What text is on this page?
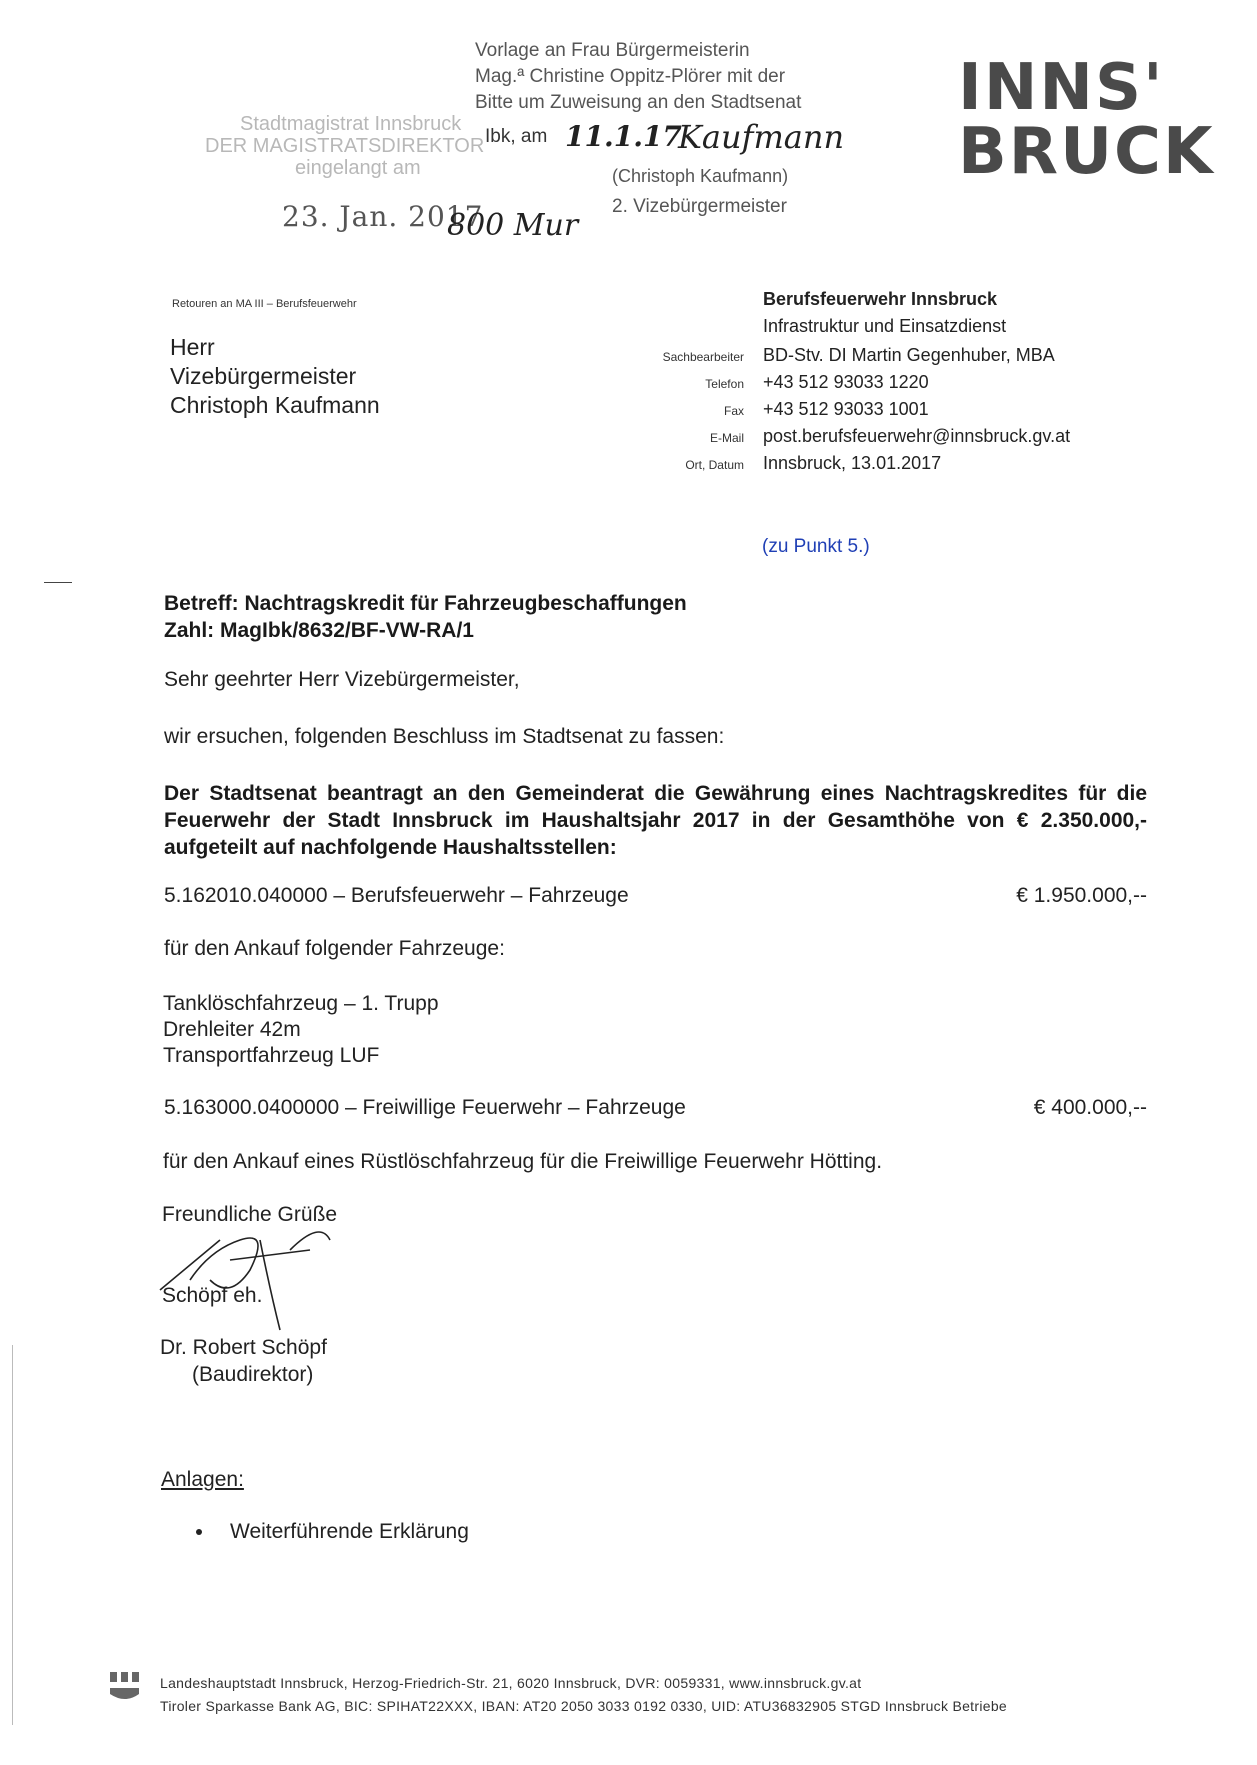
Stadtmagistrat Innsbruck
DER MAGISTRATSDIREKTOR
eingelangt am
23. Jan. 2017
800 Mur
Vorlage an Frau Bürgermeisterin
Mag.ª Christine Oppitz-Plörer mit der
Bitte um Zuweisung an den Stadtsenat
Ibk, am 11.1.17
Kaufmann
(Christoph Kaufmann)
2. Vizebürgermeister
INNS'
BRUCK
Retouren an MA III – Berufsfeuerwehr
Herr
Vizebürgermeister
Christoph Kaufmann
Berufsfeuerwehr Innsbruck
Infrastruktur und Einsatzdienst
Sachbearbeiter
Telefon
Fax
E-Mail
Ort, Datum
BD-Stv. DI Martin Gegenhuber, MBA
+43 512 93033 1220
+43 512 93033 1001
post.berufsfeuerwehr@innsbruck.gv.at
Innsbruck, 13.01.2017
(zu Punkt 5.)
Betreff: Nachtragskredit für Fahrzeugbeschaffungen
Zahl: MagIbk/8632/BF-VW-RA/1
Sehr geehrter Herr Vizebürgermeister,
wir ersuchen, folgenden Beschluss im Stadtsenat zu fassen:
Der Stadtsenat beantragt an den Gemeinderat die Gewährung eines Nachtragskredites für die Feuerwehr der Stadt Innsbruck im Haushaltsjahr 2017 in der Gesamthöhe von € 2.350.000,- aufgeteilt auf nachfolgende Haushaltsstellen:
5.162010.040000 – Berufsfeuerwehr – Fahrzeuge	€ 1.950.000,--
für den Ankauf folgender Fahrzeuge:
Tanklöschfahrzeug – 1. Trupp
Drehleiter 42m
Transportfahrzeug LUF
5.163000.0400000 – Freiwillige Feuerwehr – Fahrzeuge	€ 400.000,--
für den Ankauf eines Rüstlöschfahrzeug für die Freiwillige Feuerwehr Hötting.
Freundliche Grüße
Schöpf eh.
Dr. Robert Schöpf
(Baudirektor)
Anlagen:
Weiterführende Erklärung
Landeshauptstadt Innsbruck, Herzog-Friedrich-Str. 21, 6020 Innsbruck, DVR: 0059331, www.innsbruck.gv.at
Tiroler Sparkasse Bank AG, BIC: SPIHAT22XXX, IBAN: AT20 2050 3033 0192 0330, UID: ATU36832905 STGD Innsbruck Betriebe
